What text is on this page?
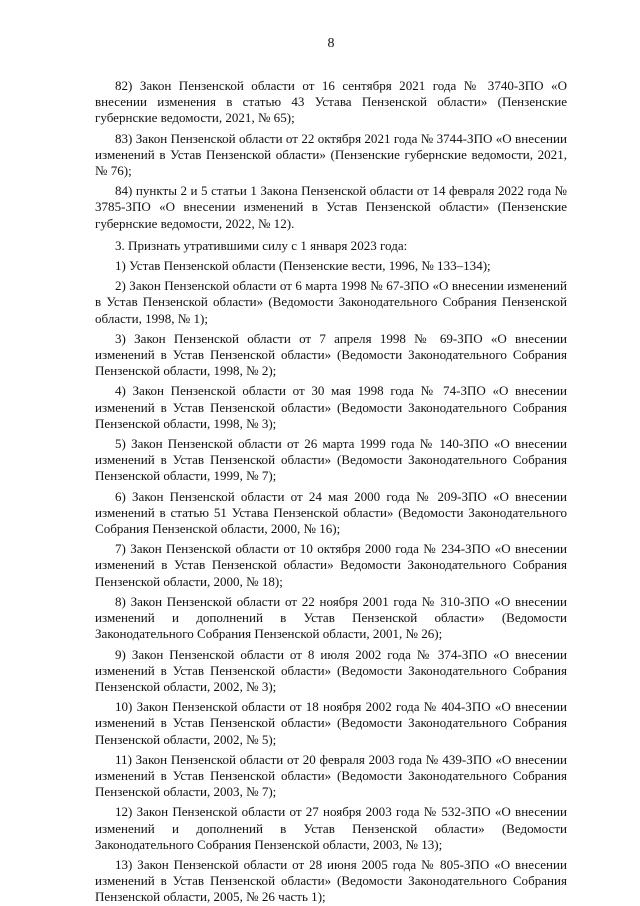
8

82) Закон Пензенской области от 16 сентября 2021 года № 3740-ЗПО «О внесении изменения в статью 43 Устава Пензенской области» (Пензенские губернские ведомости, 2021, № 65);

83) Закон Пензенской области от 22 октября 2021 года № 3744-ЗПО «О внесении изменений в Устав Пензенской области» (Пензенские губернские ведомости, 2021, № 76);

84) пункты 2 и 5 статьи 1 Закона Пензенской области от 14 февраля 2022 года № 3785-ЗПО «О внесении изменений в Устав Пензенской области» (Пензенские губернские ведомости, 2022, № 12).

3. Признать утратившими силу с 1 января 2023 года:

1) Устав Пензенской области (Пензенские вести, 1996, № 133–134);

2) Закон Пензенской области от 6 марта 1998 № 67-ЗПО «О внесении изменений в Устав Пензенской области» (Ведомости Законодательного Собрания Пензенской области, 1998, № 1);

3) Закон Пензенской области от 7 апреля 1998 № 69-ЗПО «О внесении изменений в Устав Пензенской области» (Ведомости Законодательного Собрания Пензенской области, 1998, № 2);

4) Закон Пензенской области от 30 мая 1998 года № 74-ЗПО «О внесении изменений в Устав Пензенской области» (Ведомости Законодательного Собрания Пензенской области, 1998, № 3);

5) Закон Пензенской области от 26 марта 1999 года № 140-ЗПО «О внесении изменений в Устав Пензенской области» (Ведомости Законодательного Собрания Пензенской области, 1999, № 7);

6) Закон Пензенской области от 24 мая 2000 года № 209-ЗПО «О внесении изменений в статью 51 Устава Пензенской области» (Ведомости Законодательного Собрания Пензенской области, 2000, № 16);

7) Закон Пензенской области от 10 октября 2000 года № 234-ЗПО «О внесении изменений в Устав Пензенской области» Ведомости Законодательного Собрания Пензенской области, 2000, № 18);

8) Закон Пензенской области от 22 ноября 2001 года № 310-ЗПО «О внесении изменений и дополнений в Устав Пензенской области» (Ведомости Законодательного Собрания Пензенской области, 2001, № 26);

9) Закон Пензенской области от 8 июля 2002 года № 374-ЗПО «О внесении изменений в Устав Пензенской области» (Ведомости Законодательного Собрания Пензенской области, 2002, № 3);

10) Закон Пензенской области от 18 ноября 2002 года № 404-ЗПО «О внесении изменений в Устав Пензенской области» (Ведомости Законодательного Собрания Пензенской области, 2002, № 5);

11) Закон Пензенской области от 20 февраля 2003 года № 439-ЗПО «О внесении изменений в Устав Пензенской области» (Ведомости Законодательного Собрания Пензенской области, 2003, № 7);

12) Закон Пензенской области от 27 ноября 2003 года № 532-ЗПО «О внесении изменений и дополнений в Устав Пензенской области» (Ведомости Законодательного Собрания Пензенской области, 2003, № 13);

13) Закон Пензенской области от 28 июня 2005 года № 805-ЗПО «О внесении изменений в Устав Пензенской области» (Ведомости Законодательного Собрания Пензенской области, 2005, № 26 часть 1);
